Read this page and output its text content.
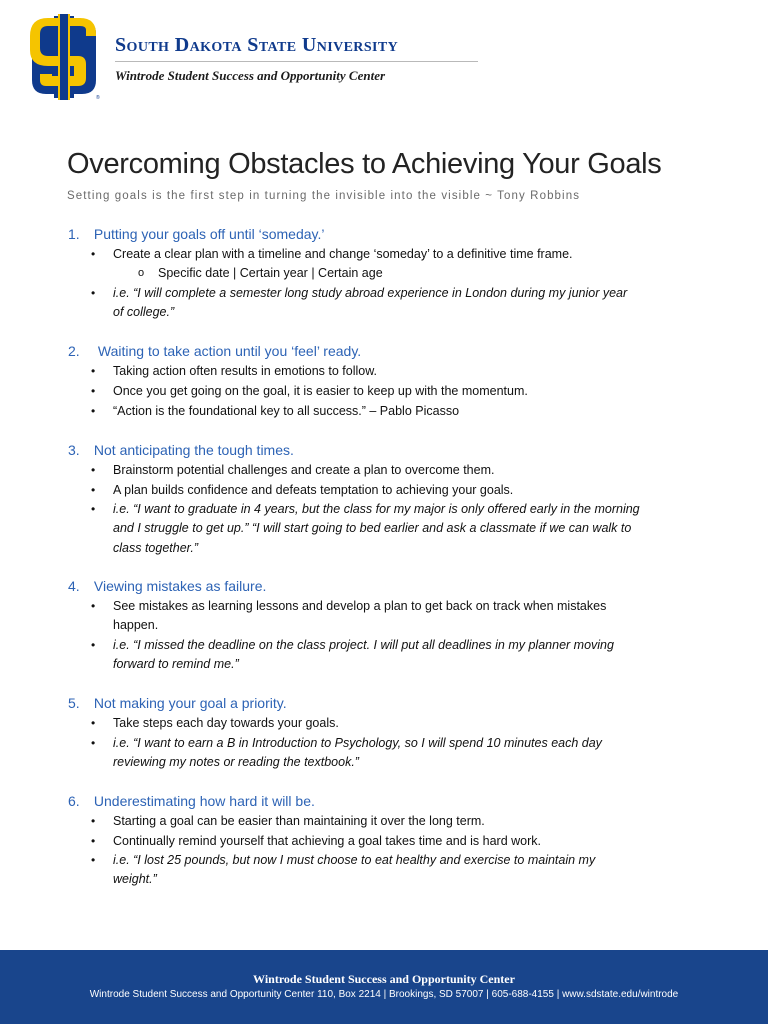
®
South Dakota State University
Wintrode Student Success and Opportunity Center
Overcoming Obstacles to Achieving Your Goals
Setting goals is the first step in turning the invisible into the visible ~ Tony Robbins
1. Putting your goals off until ‘someday.’
• Create a clear plan with a timeline and change ‘someday’ to a definitive time frame.
o Specific date | Certain year | Certain age
• i.e. “I will complete a semester long study abroad experience in London during my junior year
of college.”
2. Waiting to take action until you ‘feel’ ready.
• Taking action often results in emotions to follow.
• Once you get going on the goal, it is easier to keep up with the momentum.
• “Action is the foundational key to all success.” – Pablo Picasso
3. Not anticipating the tough times.
• Brainstorm potential challenges and create a plan to overcome them.
• A plan builds confidence and defeats temptation to achieving your goals.
• i.e. “I want to graduate in 4 years, but the class for my major is only offered early in the morning
and I struggle to get up.” “I will start going to bed earlier and ask a classmate if we can walk to
class together.”
4. Viewing mistakes as failure.
• See mistakes as learning lessons and develop a plan to get back on track when mistakes
happen.
• i.e. “I missed the deadline on the class project. I will put all deadlines in my planner moving
forward to remind me.”
5. Not making your goal a priority.
• Take steps each day towards your goals.
• i.e. “I want to earn a B in Introduction to Psychology, so I will spend 10 minutes each day
reviewing my notes or reading the textbook.”
6. Underestimating how hard it will be.
• Starting a goal can be easier than maintaining it over the long term.
• Continually remind yourself that achieving a goal takes time and is hard work.
• i.e. “I lost 25 pounds, but now I must choose to eat healthy and exercise to maintain my
weight.”
Wintrode Student Success and Opportunity Center
Wintrode Student Success and Opportunity Center 110, Box 2214 | Brookings, SD 57007 | 605-688-4155 | www.sdstate.edu/wintrode
